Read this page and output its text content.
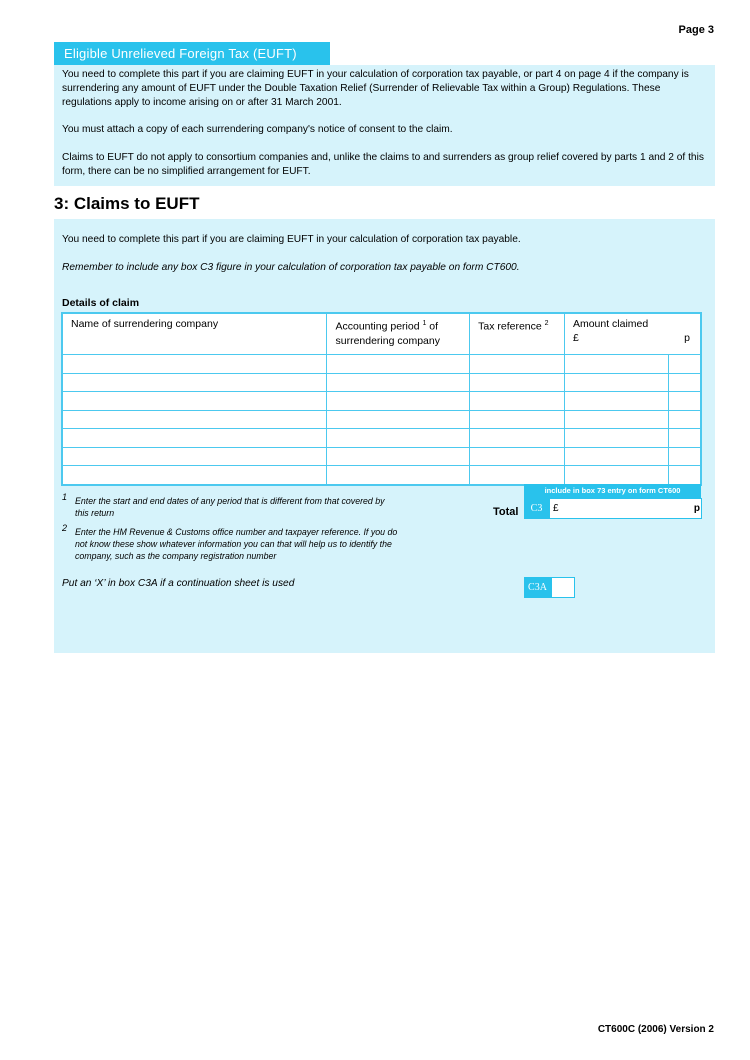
Page 3
Eligible Unrelieved Foreign Tax (EUFT)
You need to complete this part if you are claiming EUFT in your calculation of corporation tax payable, or part 4 on page 4 if the company is surrendering any amount of EUFT under the Double Taxation Relief (Surrender of Relievable Tax within a Group) Regulations. These regulations apply to income arising on or after 31 March 2001.
You must attach a copy of each surrendering company's notice of consent to the claim.
Claims to EUFT do not apply to consortium companies and, unlike the claims to and surrenders as group relief covered by parts 1 and 2 of this form, there can be no simplified arrangement for EUFT.
3: Claims to EUFT
You need to complete this part if you are claiming EUFT in your calculation of corporation tax payable.
Remember to include any box C3 figure in your calculation of corporation tax payable on form CT600.
Details of claim
Name of surrendering company	Accounting period $^1$ of surrendering company	Tax reference $^2$	Amount claimed
£ p	

1 Enter the start and end dates of any period that is different from that covered by this return
2 Enter the HM Revenue & Customs office number and taxpayer reference. If you do not know these show whatever information you can that will help us to identify the company, such as the company registration number
include in box 73 entry on form CT600
Total	C3	£	p
Put an ‘X’ in box C3A if a continuation sheet is used	C3A
CT600C (2006) Version 2
